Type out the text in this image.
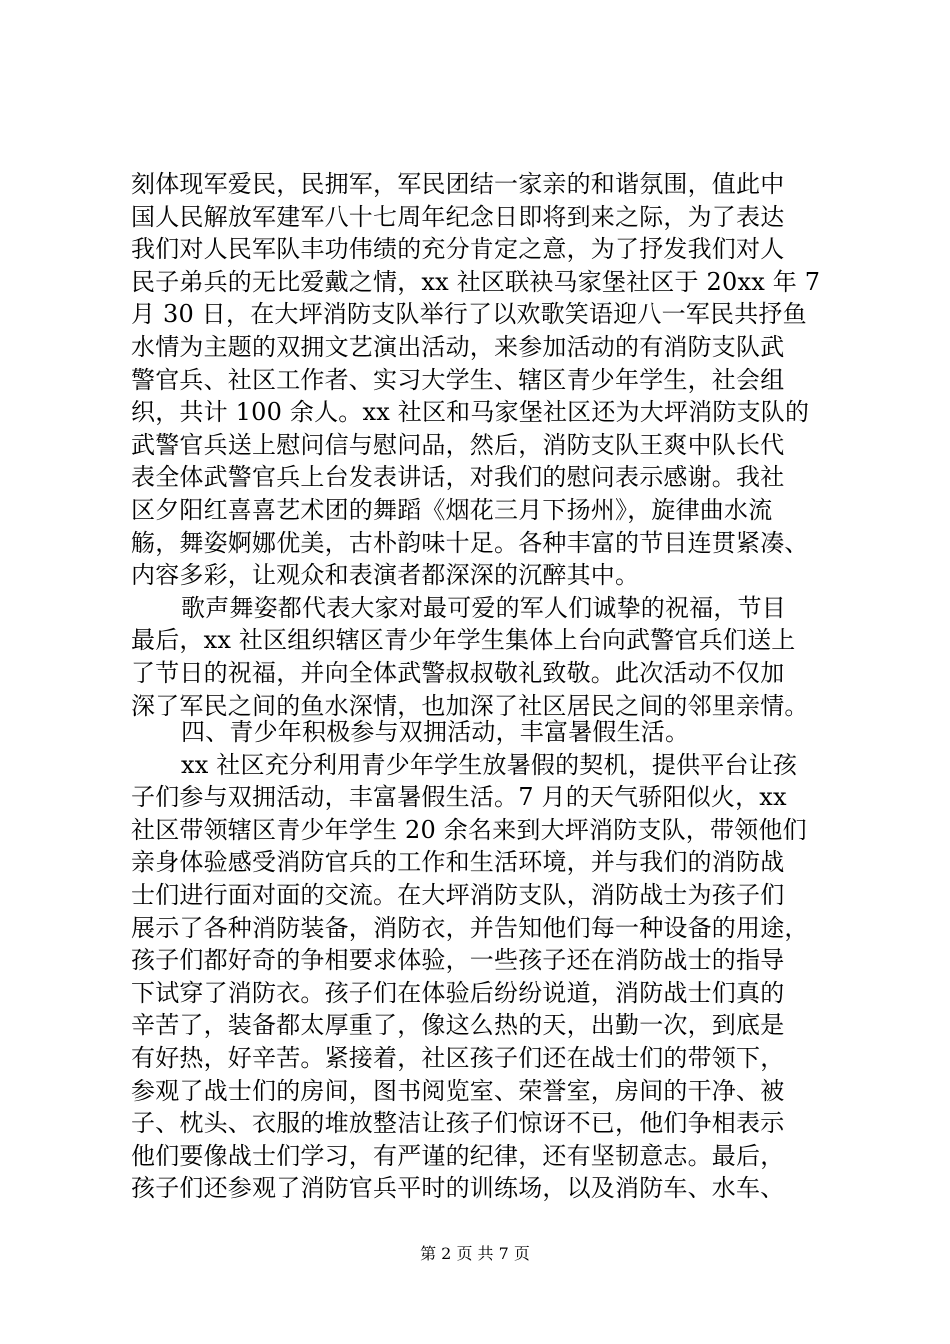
刻体现军爱民，民拥军，军民团结一家亲的和谐氛围，值此中
国人民解放军建军八十七周年纪念日即将到来之际，为了表达
我们对人民军队丰功伟绩的充分肯定之意，为了抒发我们对人
民子弟兵的无比爱戴之情，xx 社区联袂马家堡社区于 20xx 年 7
月 30 日，在大坪消防支队举行了以欢歌笑语迎八一军民共抒鱼
水情为主题的双拥文艺演出活动，来参加活动的有消防支队武
警官兵、社区工作者、实习大学生、辖区青少年学生，社会组
织，共计 100 余人。xx 社区和马家堡社区还为大坪消防支队的
武警官兵送上慰问信与慰问品，然后，消防支队王爽中队长代
表全体武警官兵上台发表讲话，对我们的慰问表示感谢。我社
区夕阳红喜喜艺术团的舞蹈《烟花三月下扬州》，旋律曲水流
觞，舞姿婀娜优美，古朴韵味十足。各种丰富的节目连贯紧凑、
内容多彩，让观众和表演者都深深的沉醉其中。
歌声舞姿都代表大家对最可爱的军人们诚挚的祝福，节目
最后，xx 社区组织辖区青少年学生集体上台向武警官兵们送上
了节日的祝福，并向全体武警叔叔敬礼致敬。此次活动不仅加
深了军民之间的鱼水深情，也加深了社区居民之间的邻里亲情。
四、青少年积极参与双拥活动，丰富暑假生活。
xx 社区充分利用青少年学生放暑假的契机，提供平台让孩
子们参与双拥活动，丰富暑假生活。7 月的天气骄阳似火，xx
社区带领辖区青少年学生 20 余名来到大坪消防支队，带领他们
亲身体验感受消防官兵的工作和生活环境，并与我们的消防战
士们进行面对面的交流。在大坪消防支队，消防战士为孩子们
展示了各种消防装备，消防衣，并告知他们每一种设备的用途，
孩子们都好奇的争相要求体验，一些孩子还在消防战士的指导
下试穿了消防衣。孩子们在体验后纷纷说道，消防战士们真的
辛苦了，装备都太厚重了，像这么热的天，出勤一次，到底是
有好热，好辛苦。紧接着，社区孩子们还在战士们的带领下，
参观了战士们的房间，图书阅览室、荣誉室，房间的干净、被
子、枕头、衣服的堆放整洁让孩子们惊讶不已，他们争相表示
他们要像战士们学习，有严谨的纪律，还有坚韧意志。最后，
孩子们还参观了消防官兵平时的训练场，以及消防车、水车、
第 2 页 共 7 页
